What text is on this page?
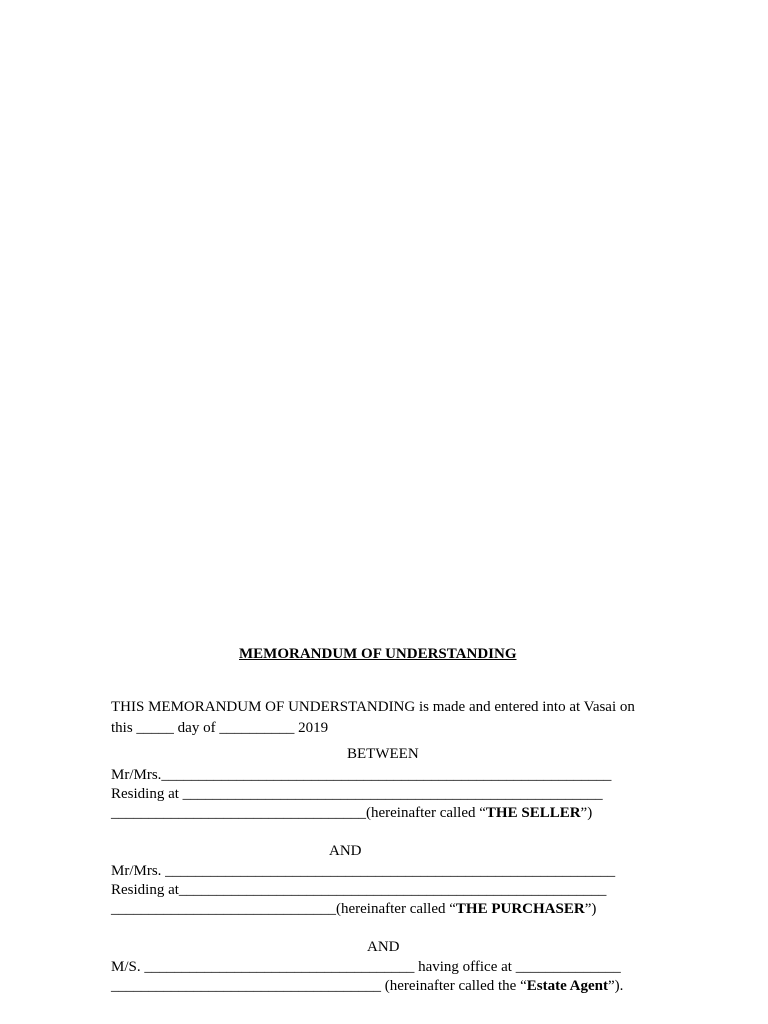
MEMORANDUM OF UNDERSTANDING
THIS MEMORANDUM OF UNDERSTANDING is made and entered into at Vasai on
this _____ day of __________ 2019
BETWEEN
Mr/Mrs.____________________________________________________________
Residing at ________________________________________________________
__________________________________(hereinafter called “THE SELLER”)
AND
Mr/Mrs. ____________________________________________________________
Residing at_________________________________________________________
______________________________(hereinafter called “THE PURCHASER”)
AND
M/S. ____________________________________ having office at ______________
____________________________________ (hereinafter called the “Estate Agent”).
